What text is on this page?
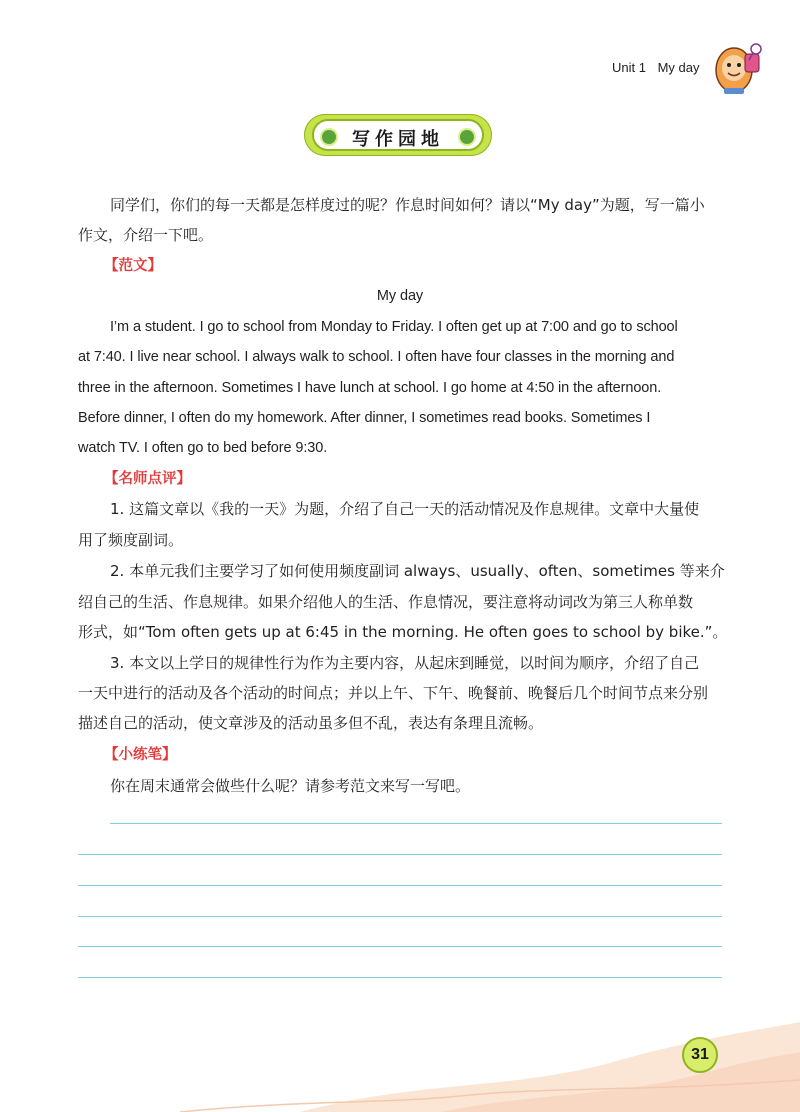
Unit 1 My day
写作园地
同学们，你们的每一天都是怎样度过的呢？作息时间如何？请以“My day”为题，写一篇小
作文，介绍一下吧。
【范文】
My day
I’m a student. I go to school from Monday to Friday. I often get up at 7:00 and go to school
at 7:40. I live near school. I always walk to school. I often have four classes in the morning and
three in the afternoon. Sometimes I have lunch at school. I go home at 4:50 in the afternoon.
Before dinner, I often do my homework. After dinner, I sometimes read books. Sometimes I
watch TV. I often go to bed before 9:30.
【名师点评】
1. 这篇文章以《我的一天》为题，介绍了自己一天的活动情况及作息规律。文章中大量使
用了频度副词。
2. 本单元我们主要学习了如何使用频度副词 always、usually、often、sometimes 等来介
绍自己的生活、作息规律。如果介绍他人的生活、作息情况，要注意将动词改为第三人称单数
形式，如“Tom often gets up at 6:45 in the morning. He often goes to school by bike.”。
3. 本文以上学日的规律性行为作为主要内容，从起床到睡觉，以时间为顺序，介绍了自己
一天中进行的活动及各个活动的时间点；并以上午、下午、晚餐前、晚餐后几个时间节点来分别
描述自己的活动，使文章涉及的活动虽多但不乱，表达有条理且流畅。
【小练笔】
你在周末通常会做些什么呢？请参考范文来写一写吧。
31
